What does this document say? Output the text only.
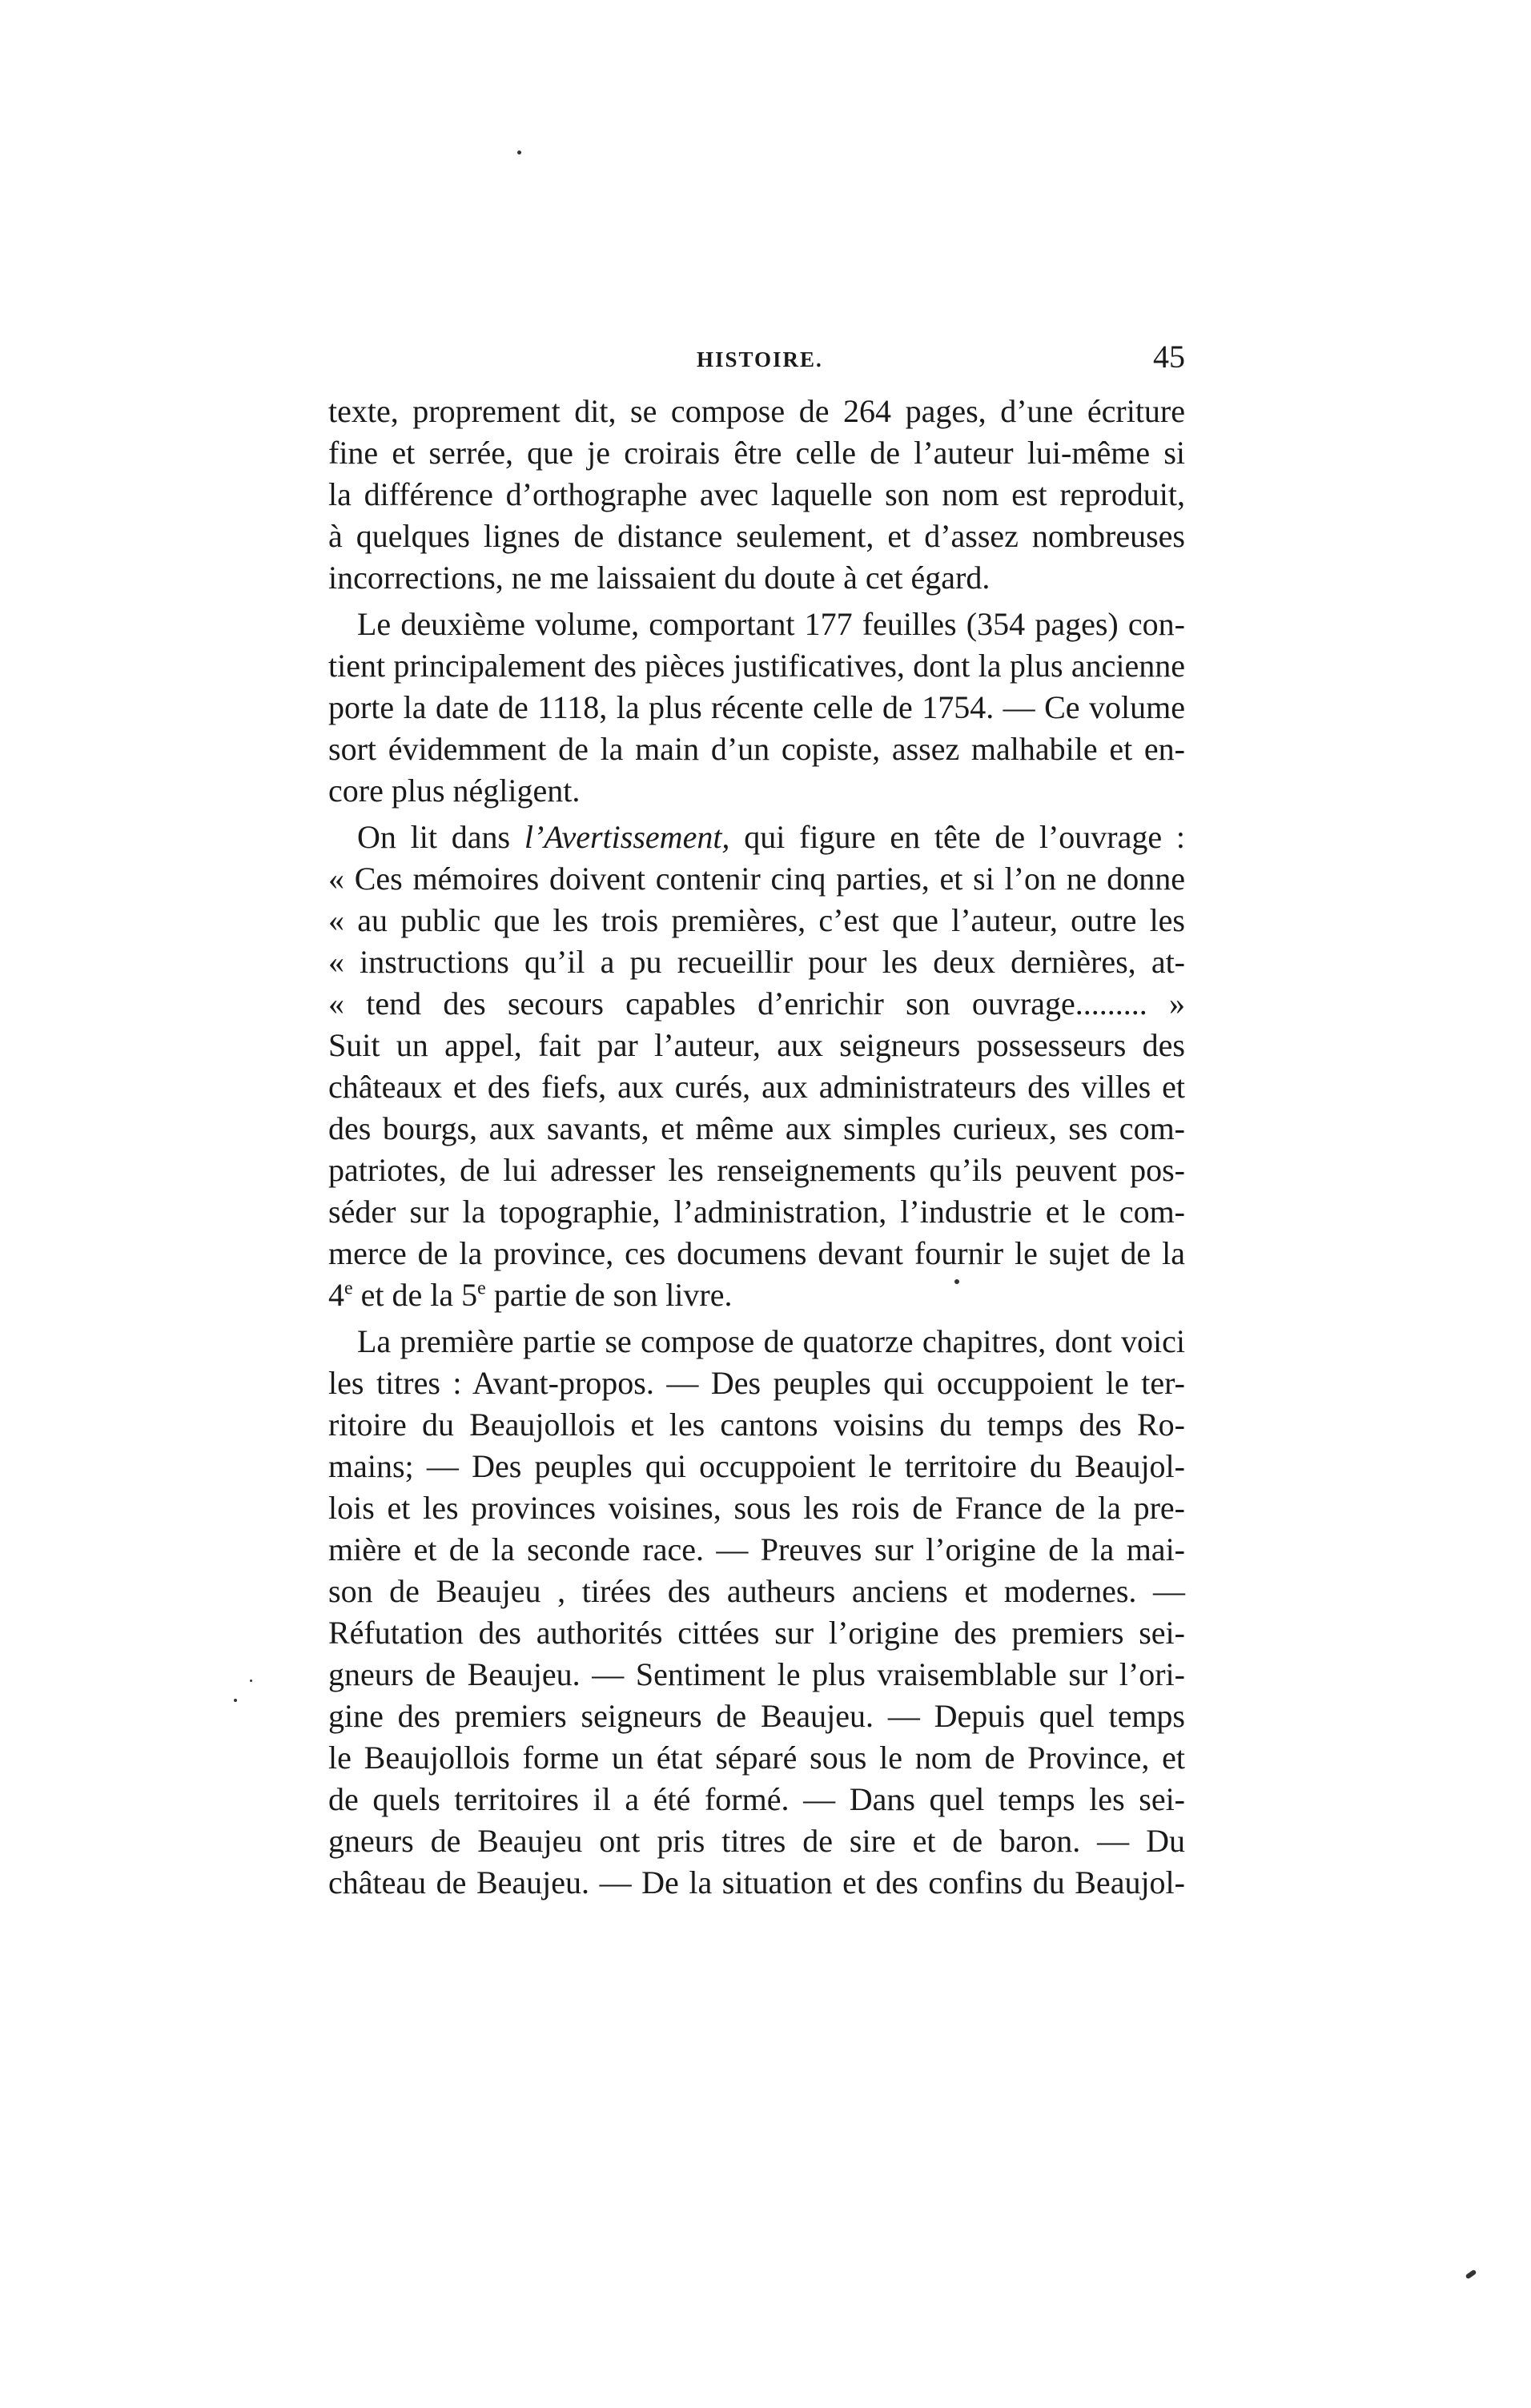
HISTOIRE.	45

texte, proprement dit, se compose de 264 pages, d’une écriture
fine et serrée, que je croirais être celle de l’auteur lui-même si
la différence d’orthographe avec laquelle son nom est reproduit,
à quelques lignes de distance seulement, et d’assez nombreuses
incorrections, ne me laissaient du doute à cet égard.

Le deuxième volume, comportant 177 feuilles (354 pages) con-
tient principalement des pièces justificatives, dont la plus ancienne
porte la date de 1118, la plus récente celle de 1754. — Ce volume
sort évidemment de la main d’un copiste, assez malhabile et en-
core plus négligent.

On lit dans l’Avertissement, qui figure en tête de l’ouvrage :
« Ces mémoires doivent contenir cinq parties, et si l’on ne donne
« au public que les trois premières, c’est que l’auteur, outre les
« instructions qu’il a pu recueillir pour les deux dernières, at-
« tend des secours capables d’enrichir son ouvrage......... »
Suit un appel, fait par l’auteur, aux seigneurs possesseurs des
châteaux et des fiefs, aux curés, aux administrateurs des villes et
des bourgs, aux savants, et même aux simples curieux, ses com-
patriotes, de lui adresser les renseignements qu’ils peuvent pos-
séder sur la topographie, l’administration, l’industrie et le com-
merce de la province, ces documens devant fournir le sujet de la
4e et de la 5e partie de son livre.

La première partie se compose de quatorze chapitres, dont voici
les titres : Avant-propos. — Des peuples qui occuppoient le ter-
ritoire du Beaujollois et les cantons voisins du temps des Ro-
mains; — Des peuples qui occuppoient le territoire du Beaujol-
lois et les provinces voisines, sous les rois de France de la pre-
mière et de la seconde race. — Preuves sur l’origine de la mai-
son de Beaujeu , tirées des autheurs anciens et modernes. —
Réfutation des authorités cittées sur l’origine des premiers sei-
gneurs de Beaujeu. — Sentiment le plus vraisemblable sur l’ori-
gine des premiers seigneurs de Beaujeu. — Depuis quel temps
le Beaujollois forme un état séparé sous le nom de Province, et
de quels territoires il a été formé. — Dans quel temps les sei-
gneurs de Beaujeu ont pris titres de sire et de baron. — Du
château de Beaujeu. — De la situation et des confins du Beaujol-
